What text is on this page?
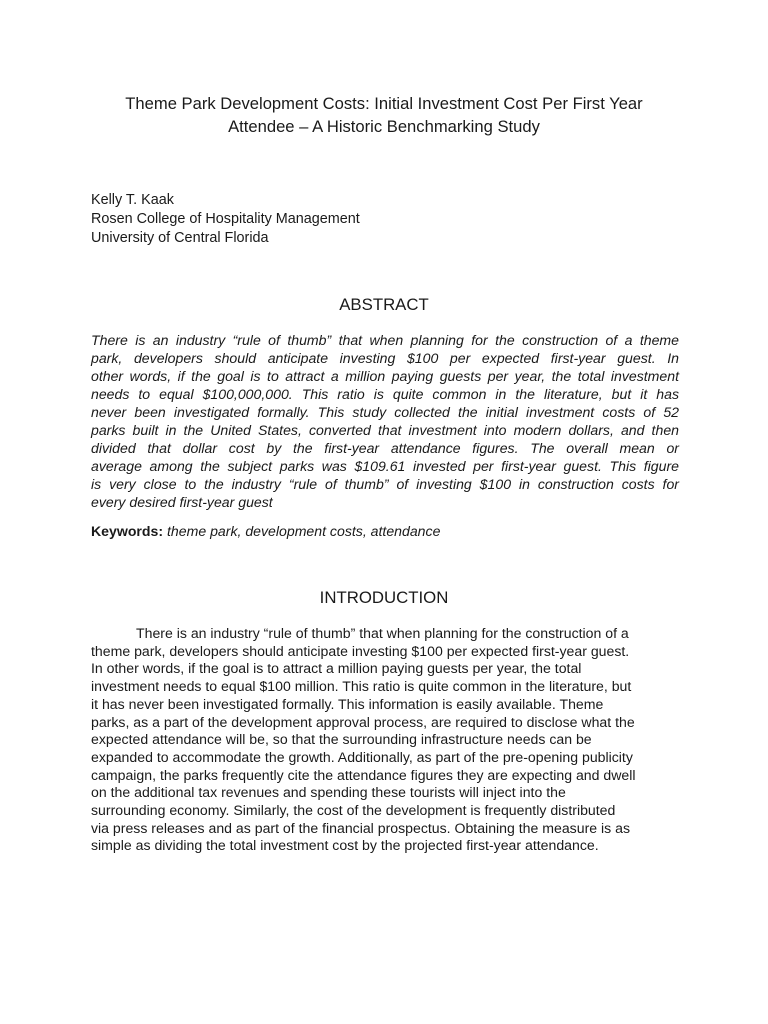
Theme Park Development Costs: Initial Investment Cost Per First Year
Attendee – A Historic Benchmarking Study
Kelly T. Kaak
Rosen College of Hospitality Management
University of Central Florida
ABSTRACT
There is an industry “rule of thumb” that when planning for the construction of a theme
park, developers should anticipate investing $100 per expected first-year guest. In
other words, if the goal is to attract a million paying guests per year, the total investment
needs to equal $100,000,000. This ratio is quite common in the literature, but it has
never been investigated formally. This study collected the initial investment costs of 52
parks built in the United States, converted that investment into modern dollars, and then
divided that dollar cost by the first-year attendance figures. The overall mean or
average among the subject parks was $109.61 invested per first-year guest. This figure
is very close to the industry “rule of thumb” of investing $100 in construction costs for
every desired first-year guest
Keywords: theme park, development costs, attendance
INTRODUCTION
There is an industry “rule of thumb” that when planning for the construction of a
theme park, developers should anticipate investing $100 per expected first-year guest.
In other words, if the goal is to attract a million paying guests per year, the total
investment needs to equal $100 million. This ratio is quite common in the literature, but
it has never been investigated formally. This information is easily available. Theme
parks, as a part of the development approval process, are required to disclose what the
expected attendance will be, so that the surrounding infrastructure needs can be
expanded to accommodate the growth. Additionally, as part of the pre-opening publicity
campaign, the parks frequently cite the attendance figures they are expecting and dwell
on the additional tax revenues and spending these tourists will inject into the
surrounding economy. Similarly, the cost of the development is frequently distributed
via press releases and as part of the financial prospectus. Obtaining the measure is as
simple as dividing the total investment cost by the projected first-year attendance.
